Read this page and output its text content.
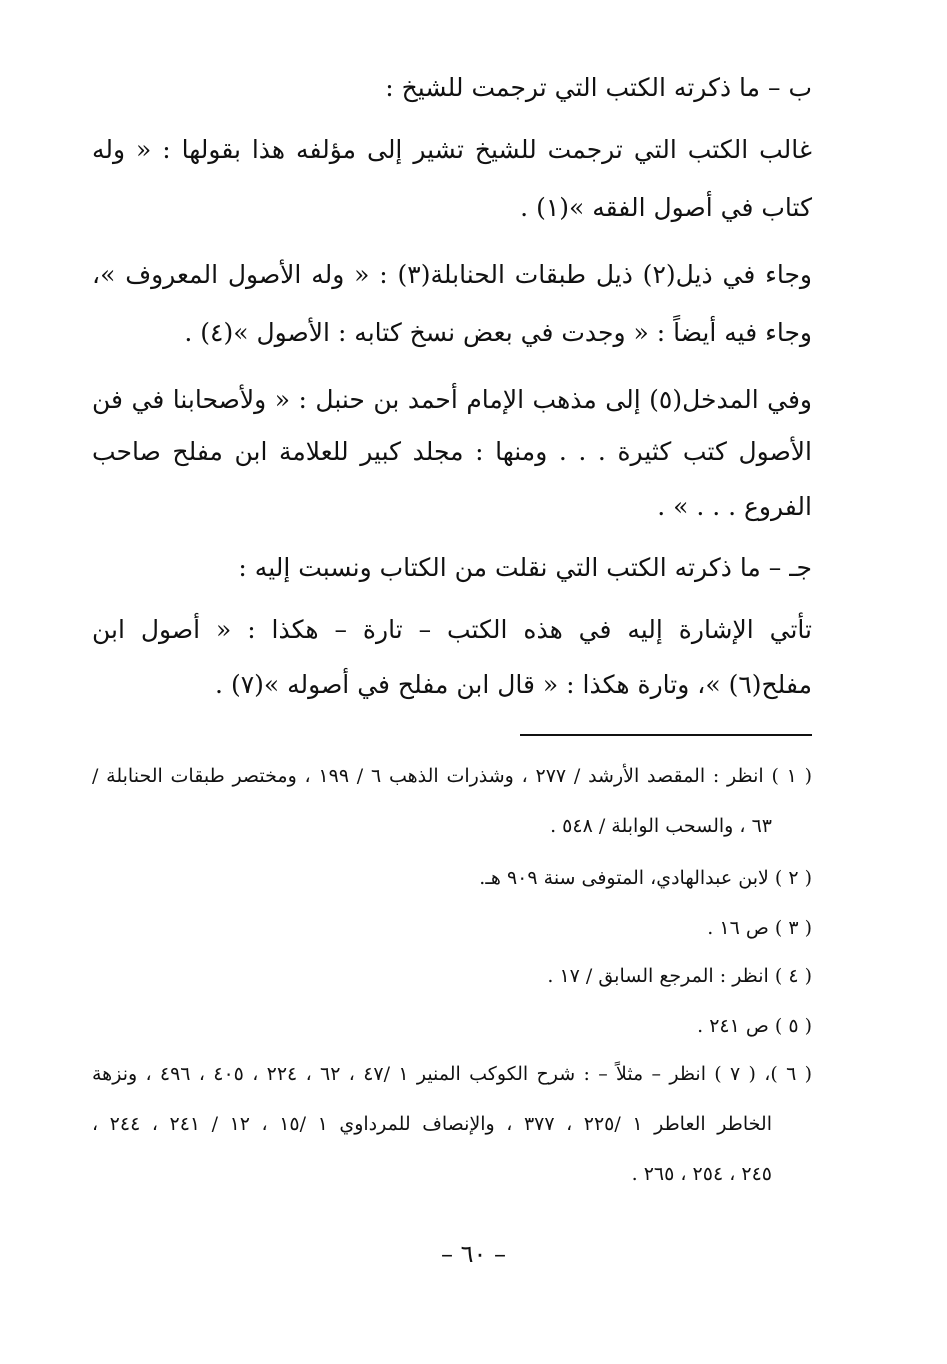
ب – ما ذكرته الكتب التي ترجمت للشيخ :
غالب الكتب التي ترجمت للشيخ تشير إلى مؤلفه هذا بقولها : « وله
كتاب في أصول الفقه »(١) .
وجاء في ذيل(٢) ذيل طبقات الحنابلة(٣) : « وله الأصول المعروف »،
وجاء فيه أيضاً : « وجدت في بعض نسخ كتابه : الأصول »(٤) .
وفي المدخل(٥) إلى مذهب الإمام أحمد بن حنبل : « ولأصحابنا في فن
الأصول كتب كثيرة . . . ومنها : مجلد كبير للعلامة ابن مفلح صاحب
الفروع . . . » .
جـ – ما ذكرته الكتب التي نقلت من الكتاب ونسبت إليه :
تأتي الإشارة إليه في هذه الكتب – تارة – هكذا : « أصول ابن
مفلح(٦) »، وتارة هكذا : « قال ابن مفلح في أصوله »(٧) .
( ١ ) انظر : المقصد الأرشد / ٢٧٧ ، وشذرات الذهب ٦ / ١٩٩ ، ومختصر طبقات الحنابلة /
٦٣ ، والسحب الوابلة / ٥٤٨ .
( ٢ ) لابن عبدالهادي، المتوفى سنة ٩٠٩ هـ.
( ٣ ) ص ١٦ .
( ٤ ) انظر : المرجع السابق / ١٧ .
( ٥ ) ص ٢٤١ .
( ٦ )، ( ٧ ) انظر – مثلاً – : شرح الكوكب المنير ١ /٤٧ ، ٦٢ ، ٢٢٤ ، ٤٠٥ ، ٤٩٦ ، ونزهة
الخاطر العاطر ١ /٢٢٥ ، ٣٧٧ ، والإنصاف للمرداوي ١ /١٥ ، ١٢ / ٢٤١ ، ٢٤٤ ،
٢٤٥ ، ٢٥٤ ، ٢٦٥ .
– ٦٠ –
